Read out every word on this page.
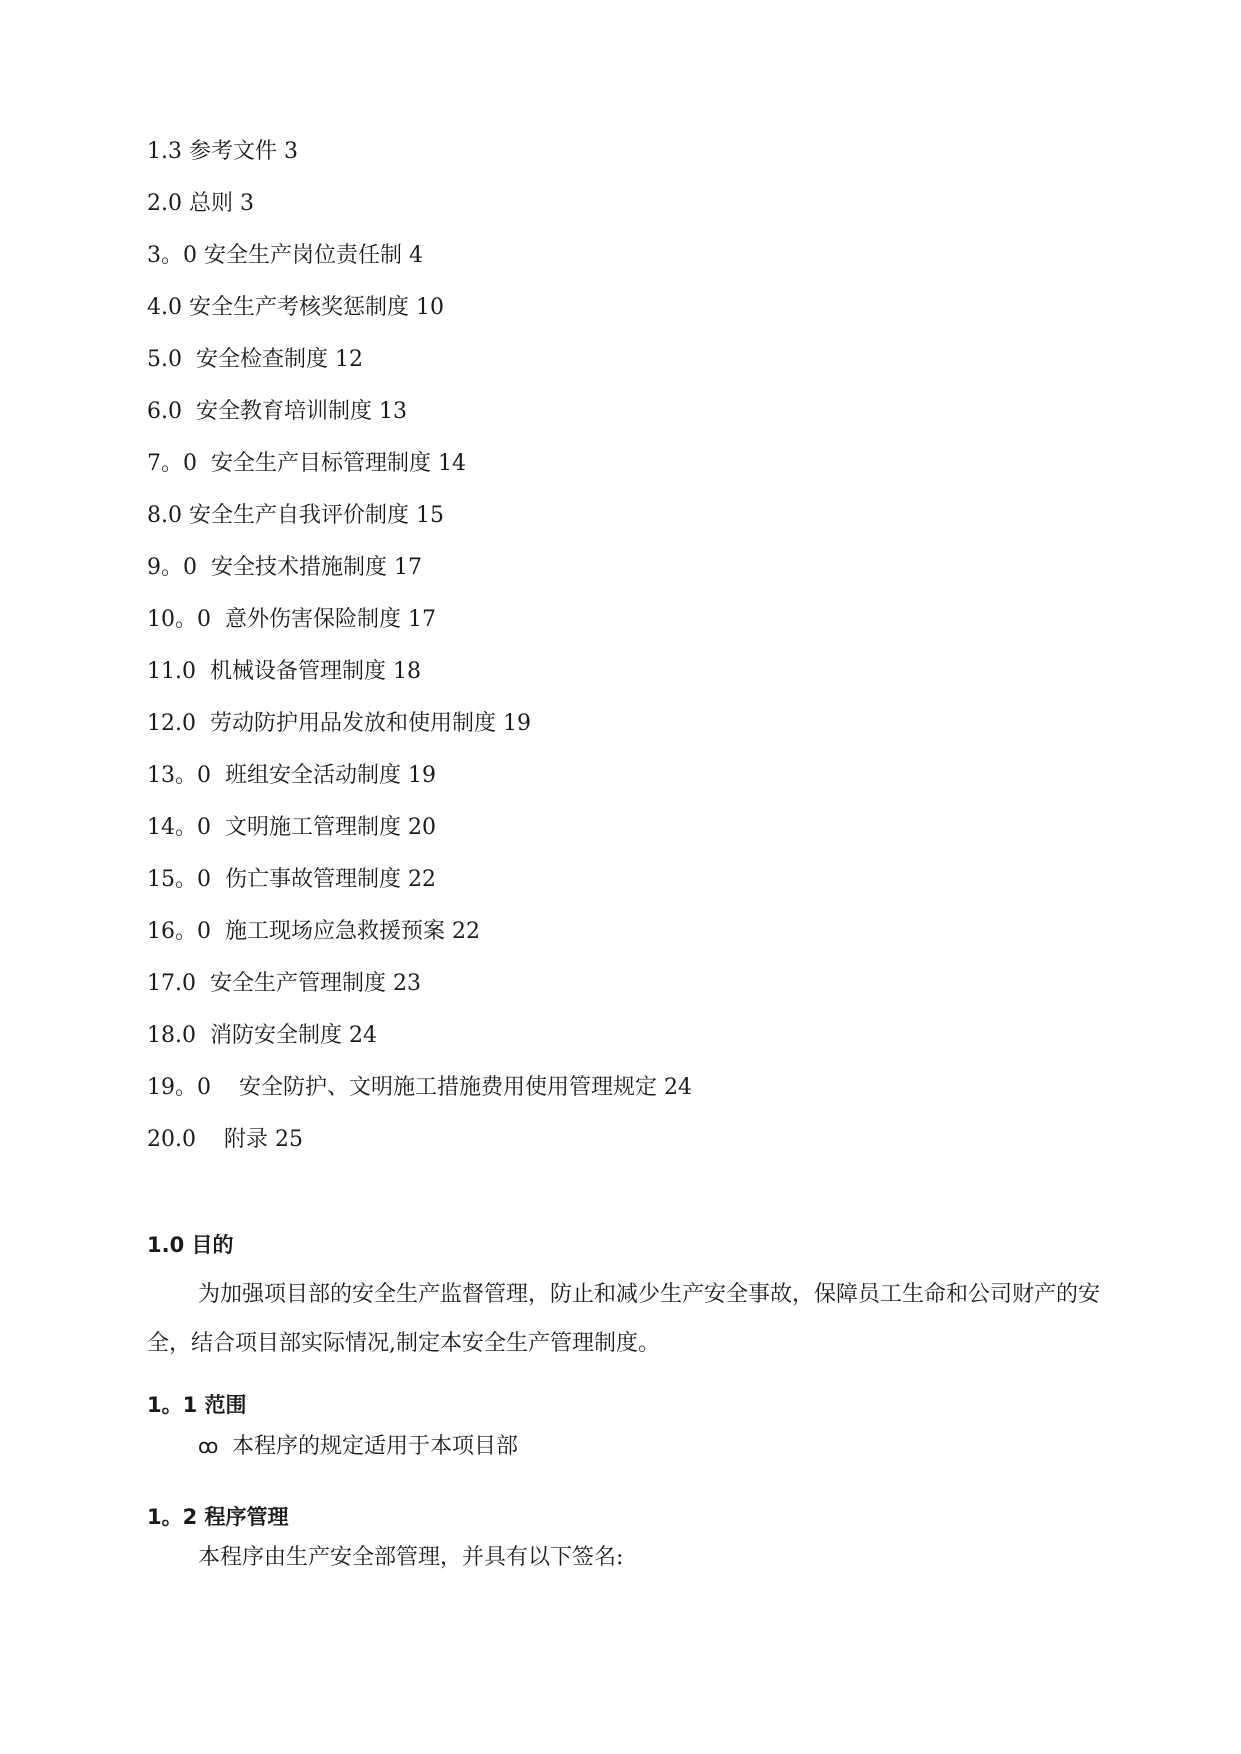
1.3 参考文件 3
2.0 总则 3
3。0 安全生产岗位责任制 4
4.0 安全生产考核奖惩制度 10
5.0  安全检查制度 12
6.0  安全教育培训制度 13
7。0  安全生产目标管理制度 14
8.0 安全生产自我评价制度 15
9。0  安全技术措施制度 17
10。0  意外伤害保险制度 17
11.0  机械设备管理制度 18
12.0  劳动防护用品发放和使用制度 19
13。0  班组安全活动制度 19
14。0  文明施工管理制度 20
15。0  伤亡事故管理制度 22
16。0  施工现场应急救援预案 22
17.0  安全生产管理制度 23
18.0  消防安全制度 24
19。0    安全防护、文明施工措施费用使用管理规定 24
20.0    附录 25
1.0 目的

为加强项目部的安全生产监督管理，防止和减少生产安全事故，保障员工生命和公司财产的安全，结合项目部实际情况,制定本安全生产管理制度。

1。1 范围
ꝏ 本程序的规定适用于本项目部
1。2 程序管理

本程序由生产安全部管理，并具有以下签名:
